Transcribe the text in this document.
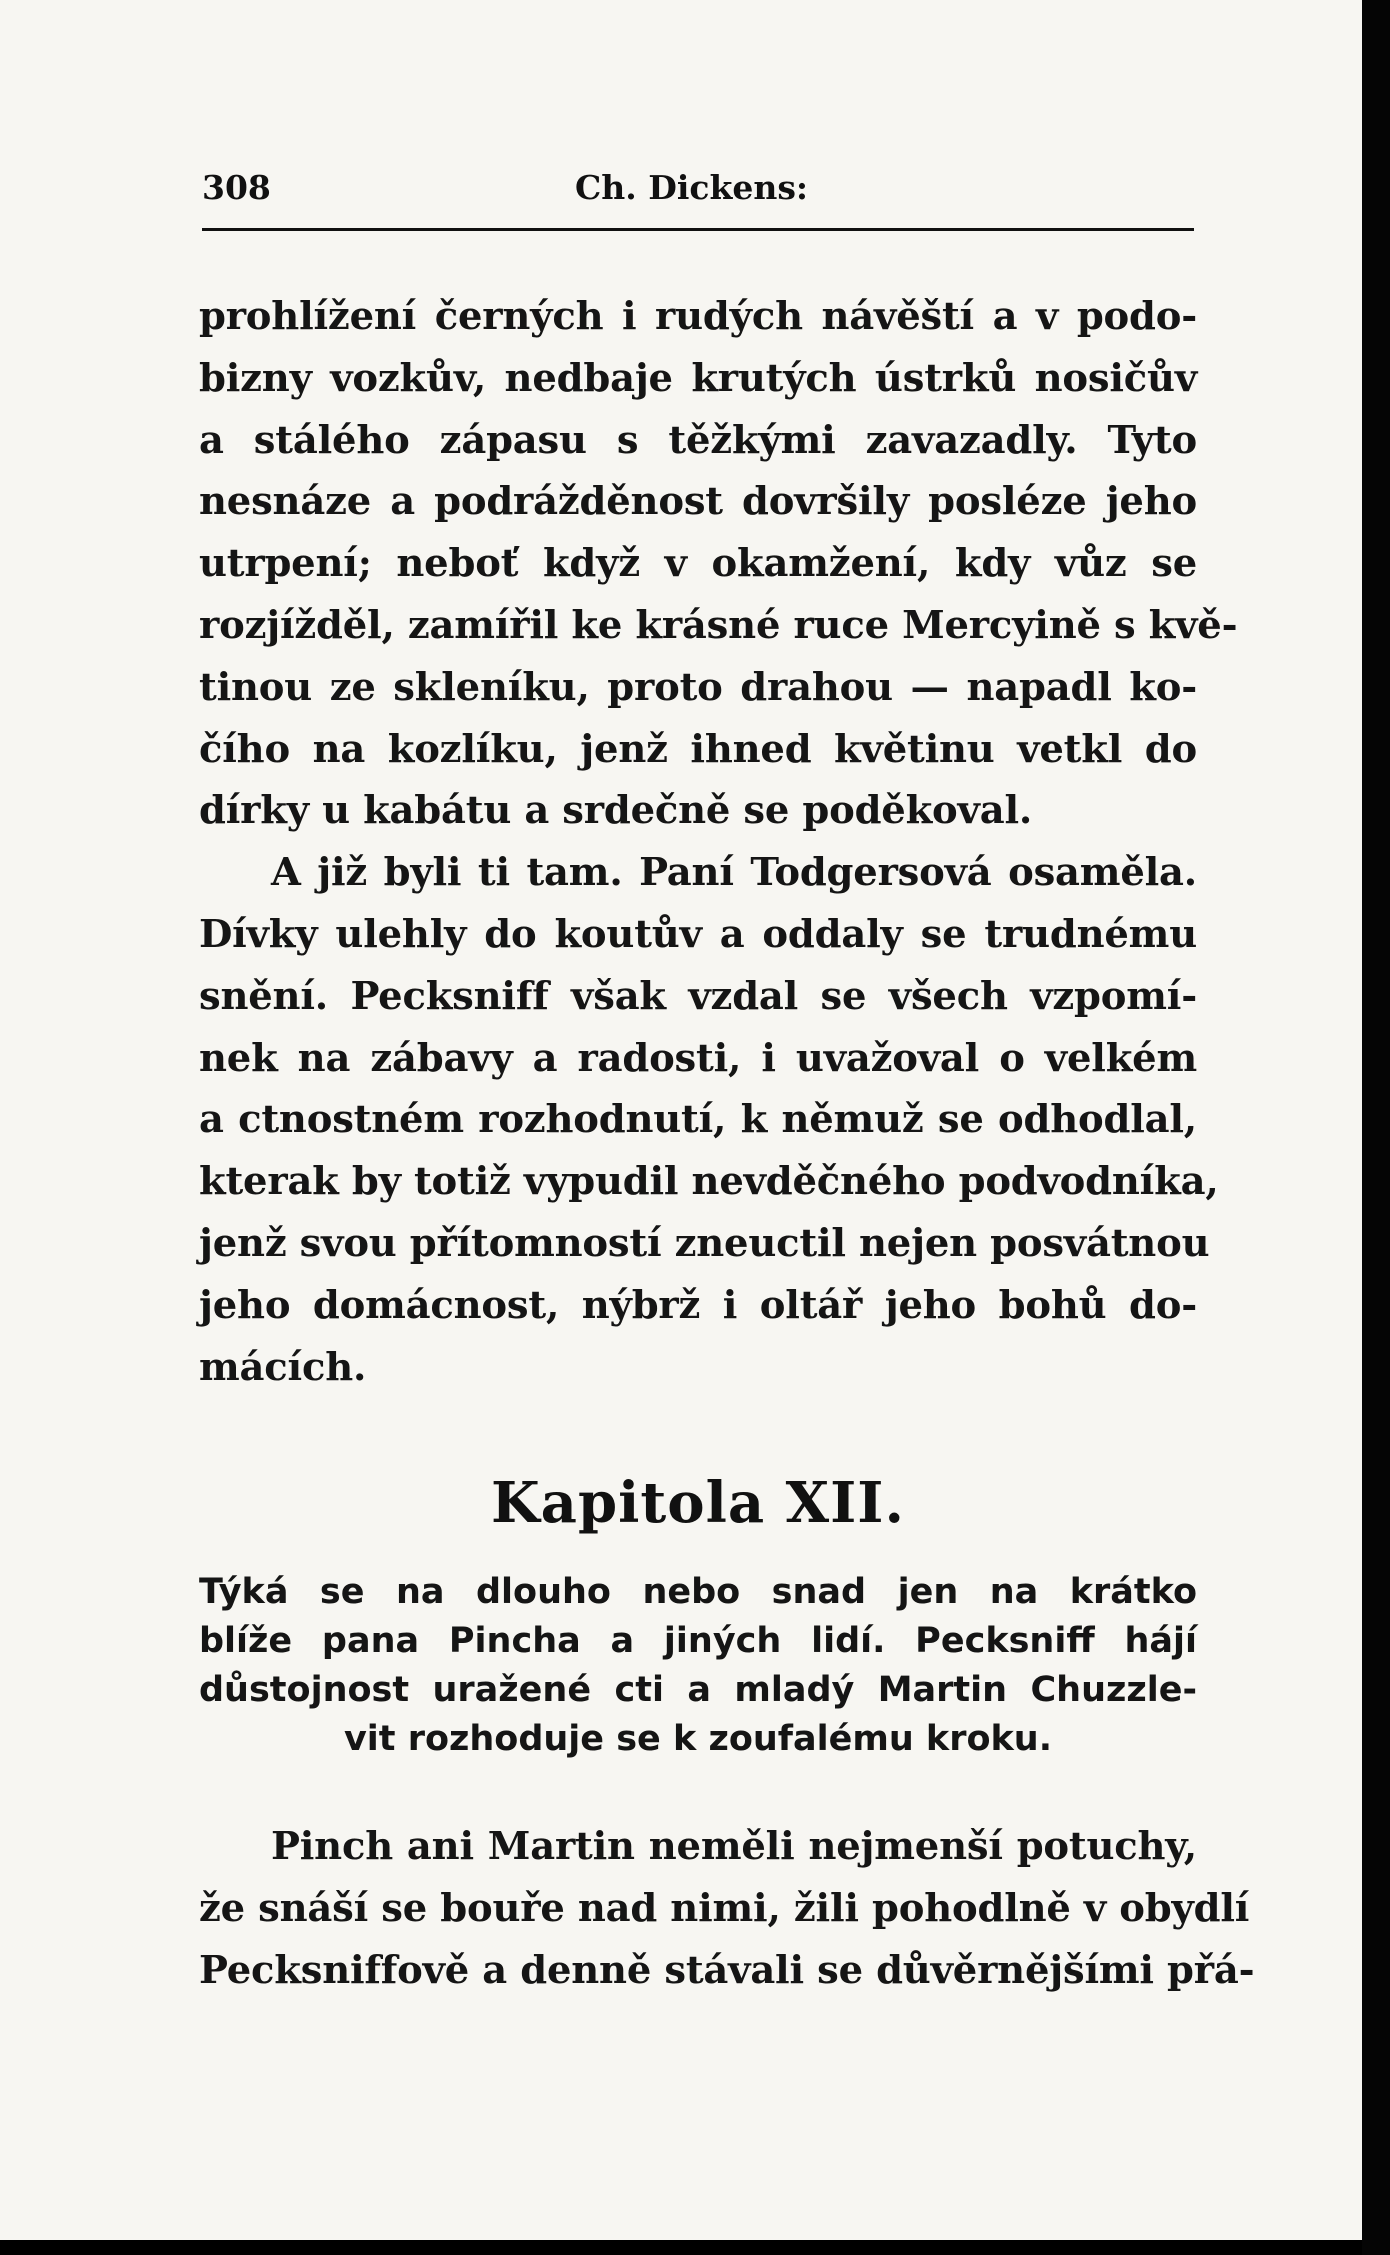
308	Ch. Dickens:
prohlížení černých i rudých návěští a v podo-
bizny vozkův, nedbaje krutých ústrků nosičův
a stálého zápasu s těžkými zavazadly. Tyto
nesnáze a podrážděnost dovršily posléze jeho
utrpení; neboť když v okamžení, kdy vůz se
rozjížděl, zamířil ke krásné ruce Mercyině s kvě-
tinou ze skleníku, proto drahou — napadl ko-
čího na kozlíku, jenž ihned květinu vetkl do
dírky u kabátu a srdečně se poděkoval.
A již byli ti tam. Paní Todgersová osaměla.
Dívky ulehly do koutův a oddaly se trudnému
snění. Pecksniff však vzdal se všech vzpomí-
nek na zábavy a radosti, i uvažoval o velkém
a ctnostném rozhodnutí, k němuž se odhodlal,
kterak by totiž vypudil nevděčného podvodníka,
jenž svou přítomností zneuctil nejen posvátnou
jeho domácnost, nýbrž i oltář jeho bohů do-
mácích.
Kapitola XII.
Týká se na dlouho nebo snad jen na krátko
blíže pana Pincha a jiných lidí. Pecksniff hájí
důstojnost uražené cti a mladý Martin Chuzzle-
vit rozhoduje se k zoufalému kroku.
Pinch ani Martin neměli nejmenší potuchy,
že snáší se bouře nad nimi, žili pohodlně v obydlí
Pecksniffově a denně stávali se důvěrnějšími přá-
